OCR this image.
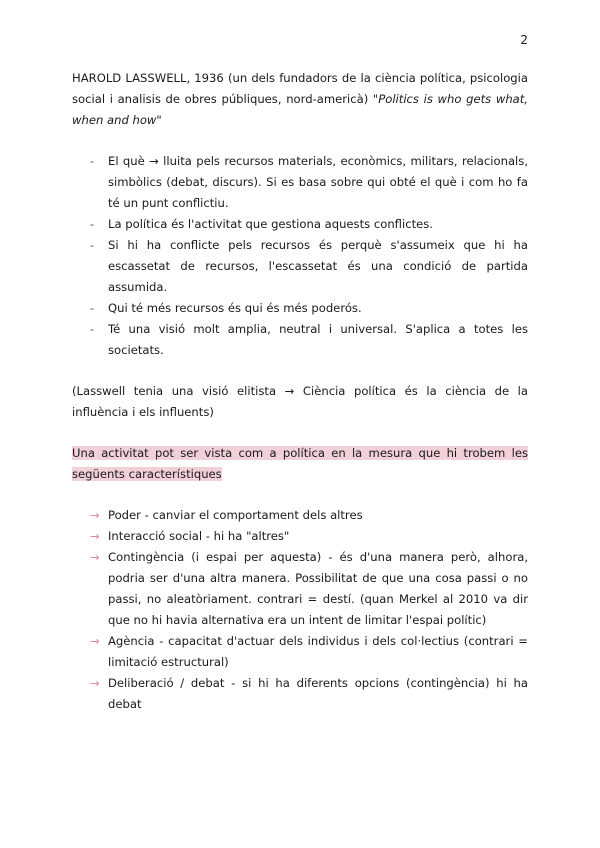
2

HAROLD LASSWELL, 1936 (un dels fundadors de la ciència política, psicologia social i analisis de obres públiques, nord-americà) "Politics is who gets what, when and how"

- El què → lluita pels recursos materials, econòmics, militars, relacionals, simbòlics (debat, discurs). Si es basa sobre qui obté el què i com ho fa té un punt conflictiu.
- La política és l'activitat que gestiona aquests conflictes.
- Si hi ha conflicte pels recursos és perquè s'assumeix que hi ha escassetat de recursos, l'escassetat és una condició de partida assumida.
- Qui té més recursos és qui és més poderós.
- Té una visió molt amplia, neutral i universal. S'aplica a totes les societats.

(Lasswell tenia una visió elitista → Ciència política és la ciència de la influència i els influents)

Una activitat pot ser vista com a política en la mesura que hi trobem les següents característiques

→ Poder - canviar el comportament dels altres
→ Interacció social - hi ha "altres"
→ Contingència (i espai per aquesta) - és d'una manera però, alhora, podria ser d'una altra manera. Possibilitat de que una cosa passi o no passi, no aleatòriament. contrari = destí. (quan Merkel al 2010 va dir que no hi havia alternativa era un intent de limitar l'espai polític)
→ Agència - capacitat d'actuar dels individus i dels col·lectius (contrari = limitació estructural)
→ Deliberació / debat - si hi ha diferents opcions (contingència) hi ha debat
